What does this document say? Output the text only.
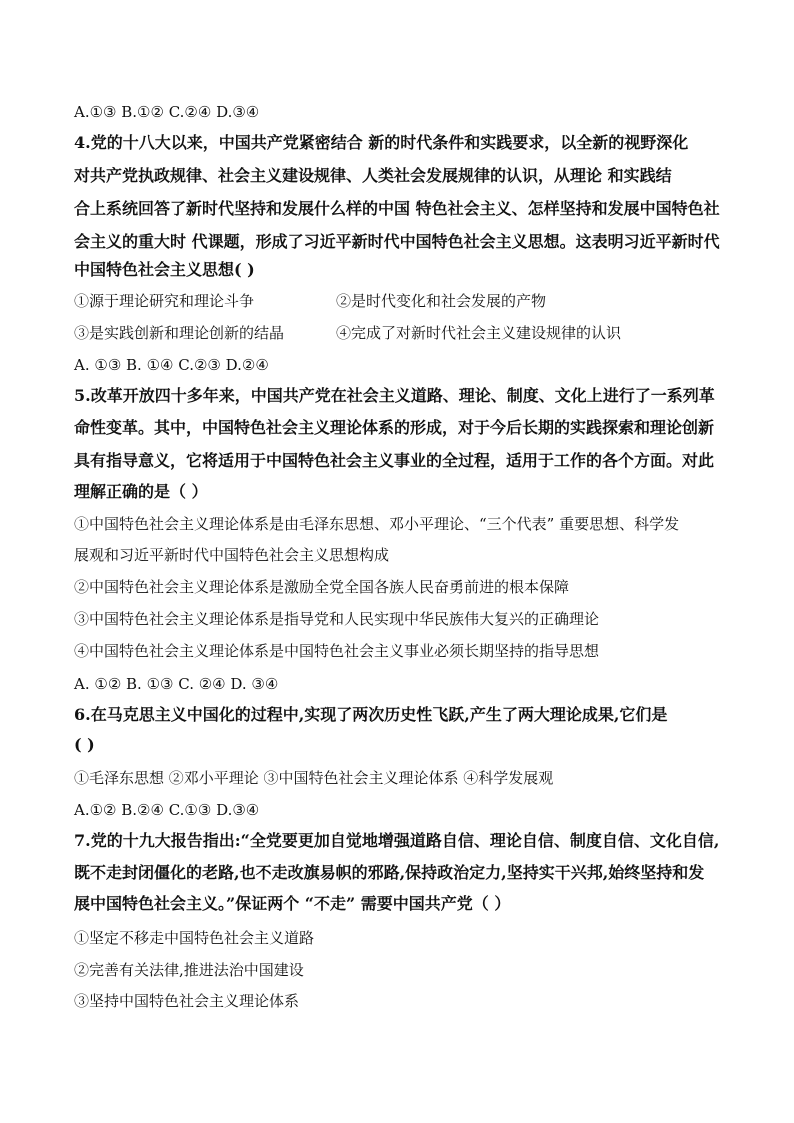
A.①③ B.①② C.②④ D.③④
4.党的十八大以来，中国共产党紧密结合 新的时代条件和实践要求，以全新的视野深化
对共产党执政规律、社会主义建设规律、人类社会发展规律的认识，从理论 和实践结
合上系统回答了新时代坚持和发展什么样的中国 特色社会主义、怎样坚持和发展中国特色社
会主义的重大时 代课题，形成了习近平新时代中国特色社会主义思想。这表明习近平新时代
中国特色社会主义思想( )
①源于理论研究和理论斗争	②是时代变化和社会发展的产物
③是实践创新和理论创新的结晶	④完成了对新时代社会主义建设规律的认识
A. ①③ B. ①④ C.②③ D.②④
5.改革开放四十多年来，中国共产党在社会主义道路、理论、制度、文化上进行了一系列革
命性变革。其中，中国特色社会主义理论体系的形成，对于今后长期的实践探索和理论创新
具有指导意义，它将适用于中国特色社会主义事业的全过程，适用于工作的各个方面。对此
理解正确的是（ ）
①中国特色社会主义理论体系是由毛泽东思想、邓小平理论、“三个代表” 重要思想、科学发
展观和习近平新时代中国特色社会主义思想构成
②中国特色社会主义理论体系是激励全党全国各族人民奋勇前进的根本保障
③中国特色社会主义理论体系是指导党和人民实现中华民族伟大复兴的正确理论
④中国特色社会主义理论体系是中国特色社会主义事业必须长期坚持的指导思想
A. ①② B. ①③ C. ②④ D. ③④
6.在马克思主义中国化的过程中,实现了两次历史性飞跃,产生了两大理论成果,它们是
( )
①毛泽东思想 ②邓小平理论 ③中国特色社会主义理论体系 ④科学发展观
A.①② B.②④ C.①③ D.③④
7.党的十九大报告指出:“全党要更加自觉地增强道路自信、理论自信、制度自信、文化自信,
既不走封闭僵化的老路,也不走改旗易帜的邪路,保持政治定力,坚持实干兴邦,始终坚持和发
展中国特色社会主义。”保证两个 “不走” 需要中国共产党（ ）
①坚定不移走中国特色社会主义道路
②完善有关法律,推进法治中国建设
③坚持中国特色社会主义理论体系
